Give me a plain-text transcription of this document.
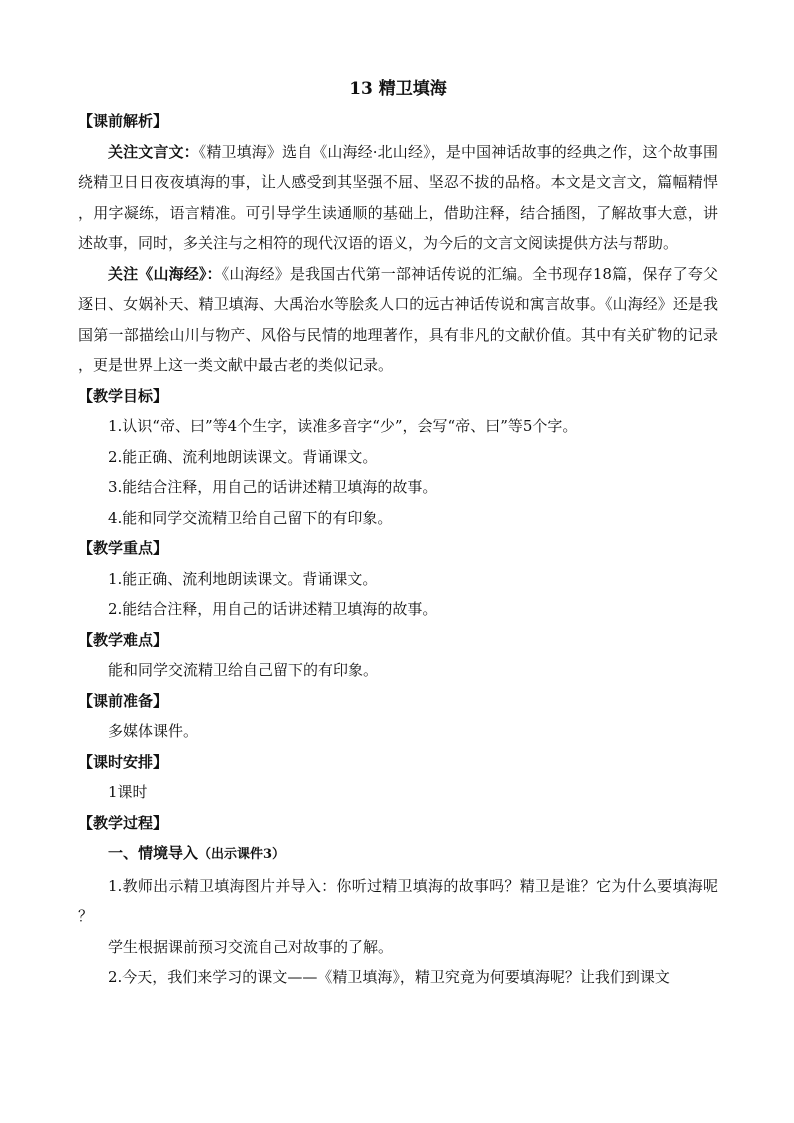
13 精卫填海
【课前解析】
关注文言文：《精卫填海》选自《山海经·北山经》，是中国神话故事的经典之作，这个故事围绕精卫日日夜夜填海的事，让人感受到其坚强不屈、坚忍不拔的品格。本文是文言文，篇幅精悍，用字凝练，语言精准。可引导学生读通顺的基础上，借助注释，结合插图，了解故事大意，讲述故事，同时，多关注与之相符的现代汉语的语义，为今后的文言文阅读提供方法与帮助。
关注《山海经》：《山海经》是我国古代第一部神话传说的汇编。全书现存18篇，保存了夸父逐日、女娲补天、精卫填海、大禹治水等脍炙人口的远古神话传说和寓言故事。《山海经》还是我国第一部描绘山川与物产、风俗与民情的地理著作，具有非凡的文献价值。其中有关矿物的记录，更是世界上这一类文献中最古老的类似记录。
【教学目标】
1.认识“帝、曰”等4个生字，读准多音字“少”，会写“帝、曰”等5个字。
2.能正确、流利地朗读课文。背诵课文。
3.能结合注释，用自己的话讲述精卫填海的故事。
4.能和同学交流精卫给自己留下的有印象。
【教学重点】
1.能正确、流利地朗读课文。背诵课文。
2.能结合注释，用自己的话讲述精卫填海的故事。
【教学难点】
能和同学交流精卫给自己留下的有印象。
【课前准备】
多媒体课件。
【课时安排】
1课时
【教学过程】
一、情境导入（出示课件3）
1.教师出示精卫填海图片并导入：你听过精卫填海的故事吗？精卫是谁？它为什么要填海呢？
学生根据课前预习交流自己对故事的了解。
2.今天，我们来学习的课文——《精卫填海》，精卫究竟为何要填海呢？让我们到课文
